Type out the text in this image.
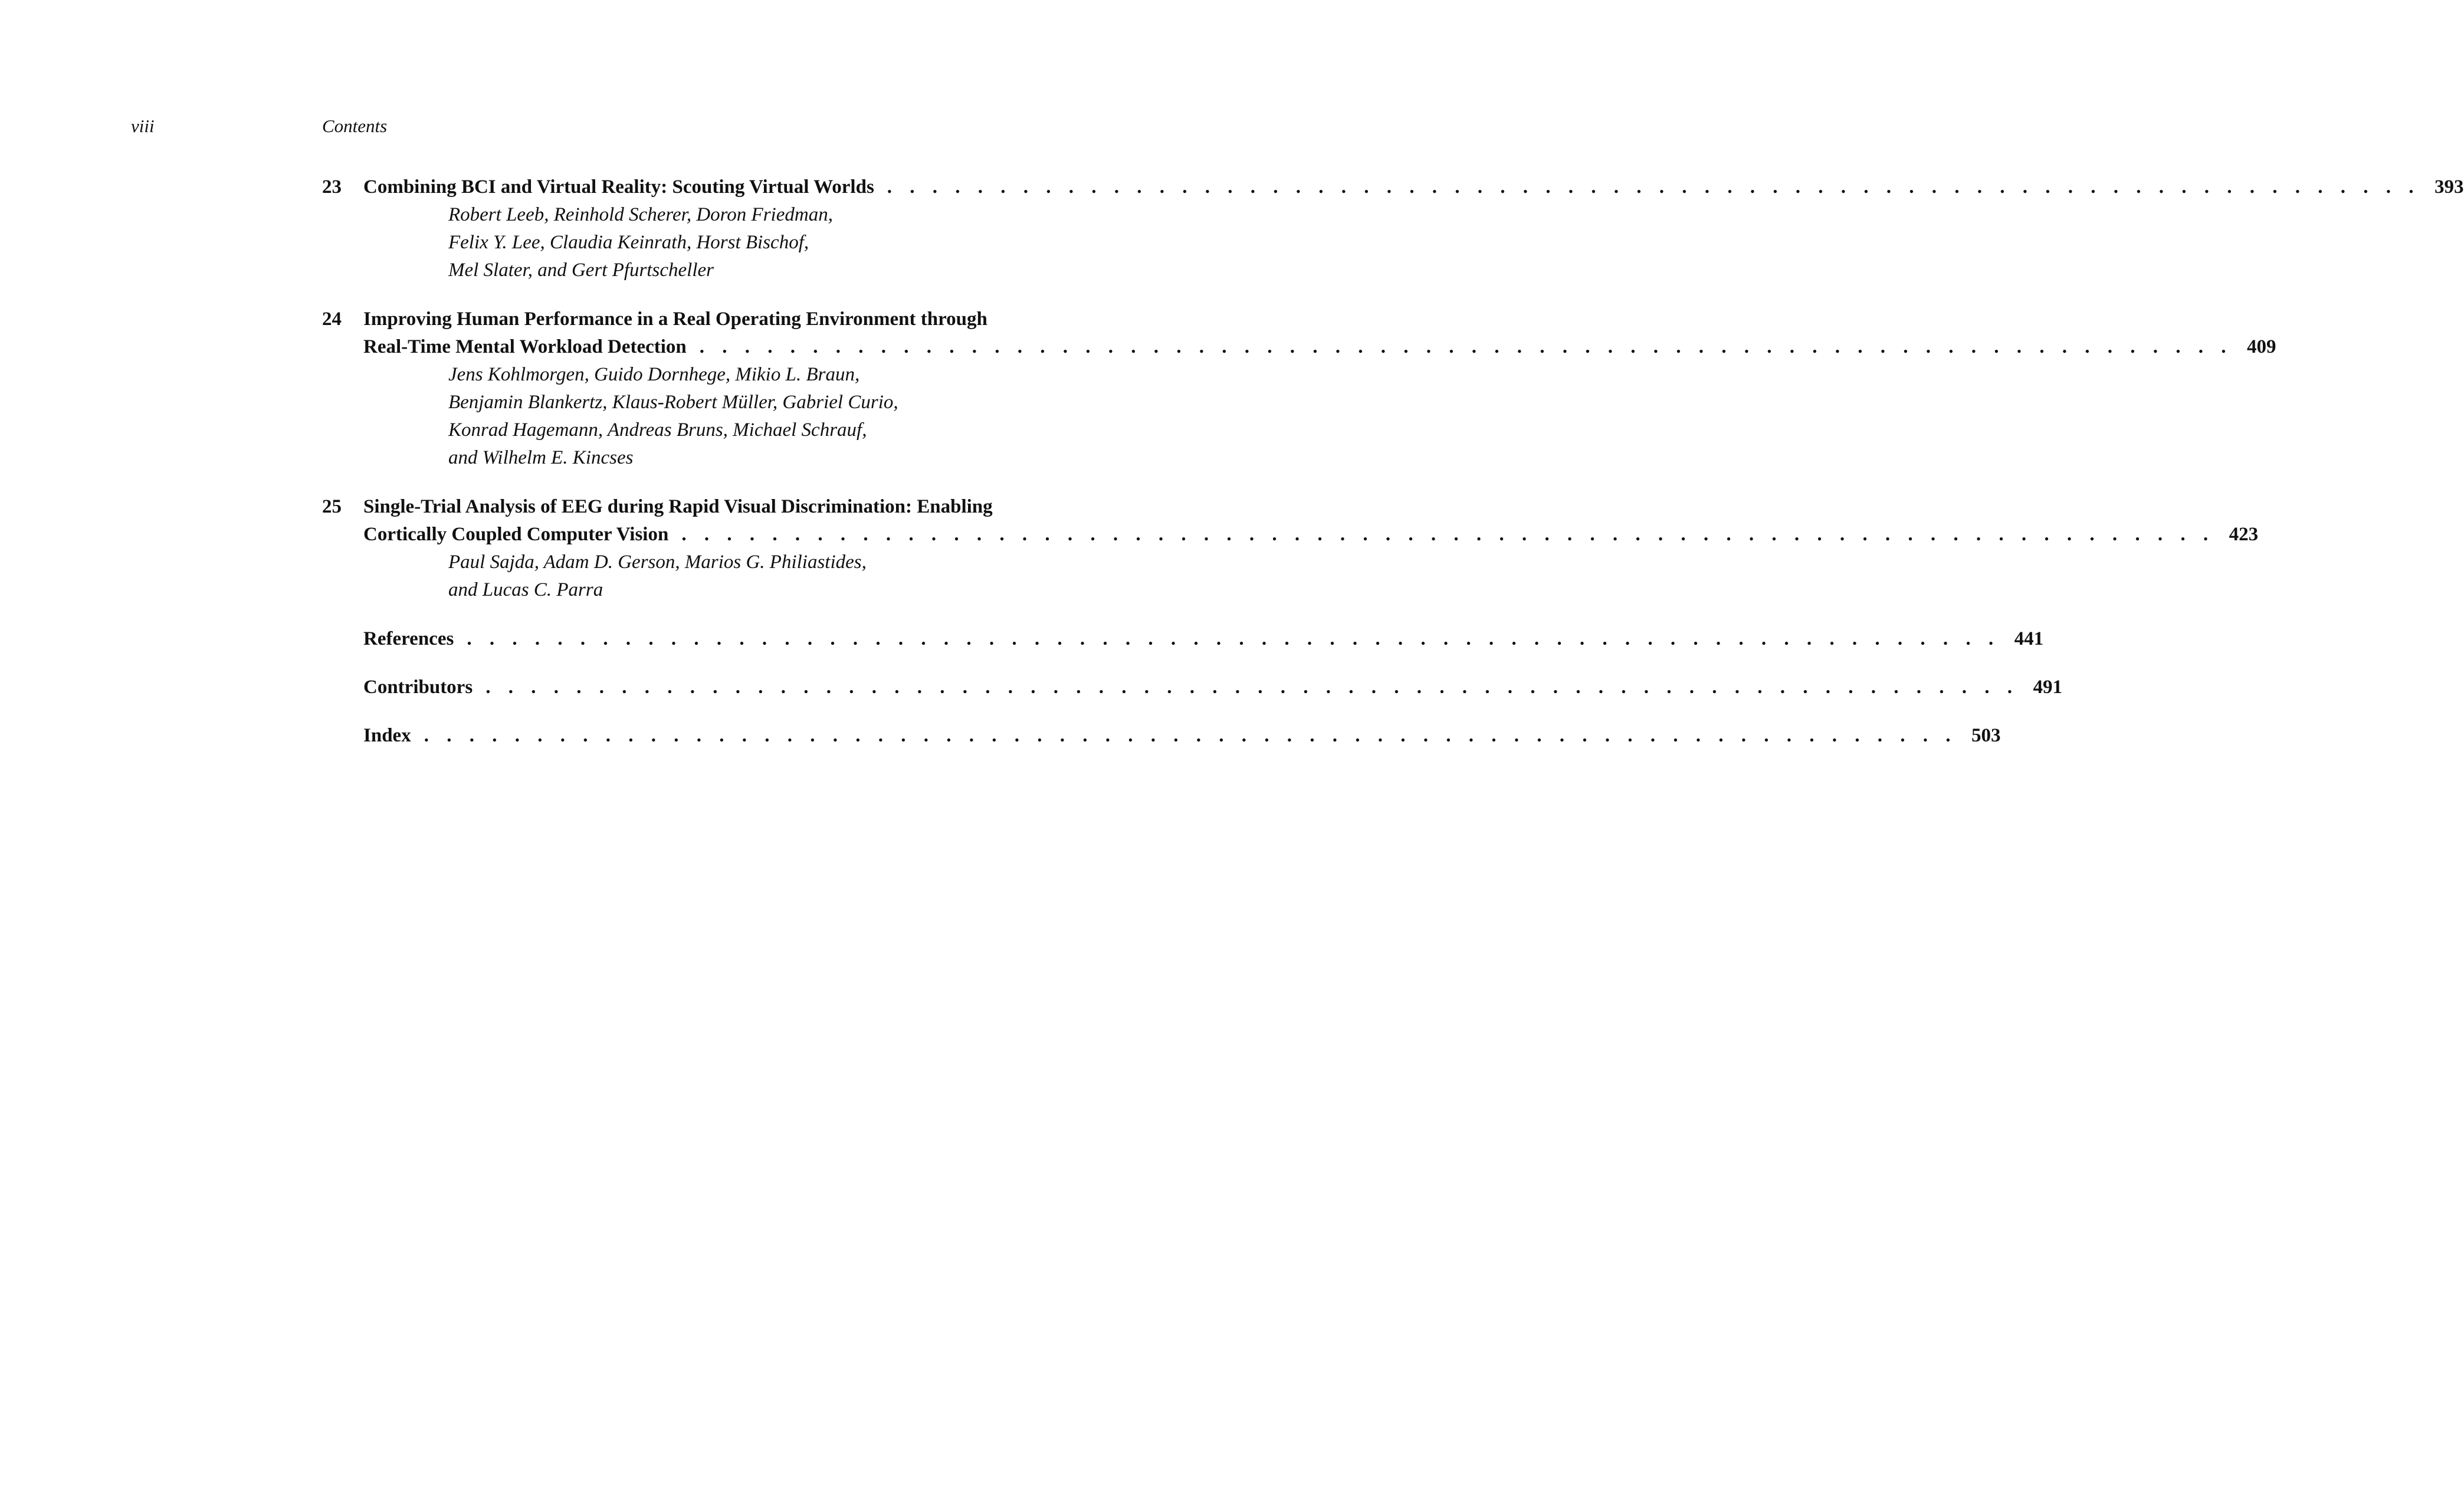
viii	Contents
23	Combining BCI and Virtual Reality: Scouting Virtual Worlds . . . . . . . . . . . . . . . . . . . . . . . . . . . . . . . . . . . . . . . . . . . . . . . . . . . . . . . . . . . . . . . . . . . . 393
Robert Leeb, Reinhold Scherer, Doron Friedman,
Felix Y. Lee, Claudia Keinrath, Horst Bischof,
Mel Slater, and Gert Pfurtscheller
24	Improving Human Performance in a Real Operating Environment through
Real-Time Mental Workload Detection . . . . . . . . . . . . . . . . . . . . . . . . . . . . . . . . . . . . . . . . . . . . . . . . . . . . . . . . . . . . . . . . . . . . 409
Jens Kohlmorgen, Guido Dornhege, Mikio L. Braun,
Benjamin Blankertz, Klaus-Robert Müller, Gabriel Curio,
Konrad Hagemann, Andreas Bruns, Michael Schrauf,
and Wilhelm E. Kincses
25	Single-Trial Analysis of EEG during Rapid Visual Discrimination: Enabling
Cortically Coupled Computer Vision . . . . . . . . . . . . . . . . . . . . . . . . . . . . . . . . . . . . . . . . . . . . . . . . . . . . . . . . . . . . . . . . . . . . 423
Paul Sajda, Adam D. Gerson, Marios G. Philiastides,
and Lucas C. Parra
References . . . . . . . . . . . . . . . . . . . . . . . . . . . . . . . . . . . . . . . . . . . . . . . . . . . . . . . . . . . . . . . . . . . . 441
Contributors . . . . . . . . . . . . . . . . . . . . . . . . . . . . . . . . . . . . . . . . . . . . . . . . . . . . . . . . . . . . . . . . . . . . 491
Index . . . . . . . . . . . . . . . . . . . . . . . . . . . . . . . . . . . . . . . . . . . . . . . . . . . . . . . . . . . . . . . . . . . . 503
